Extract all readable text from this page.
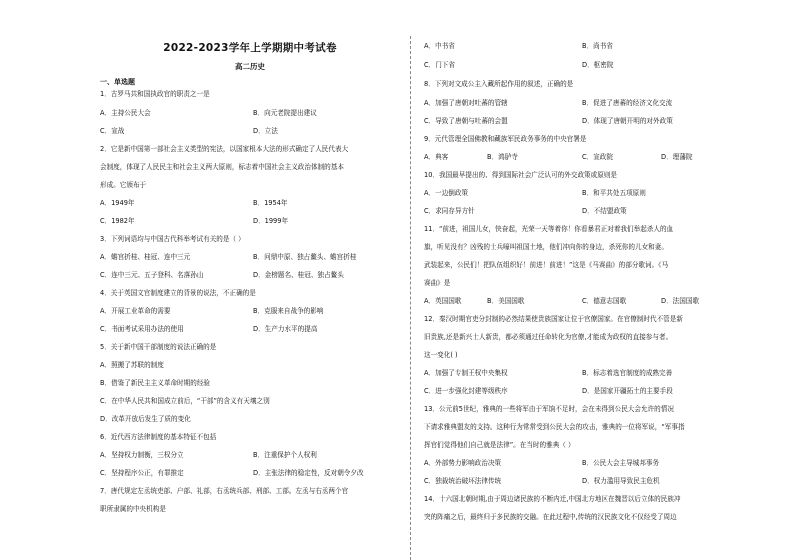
2022-2023学年上学期期中考试卷
高二历史
一、单选题
1．古罗马共和国执政官的职责之一是
A．主持公民大会	B．向元老院提出建议
C．宣战	D．立法
2．它是新中国第一部社会主义类型的宪法，以国家根本大法的形式确定了人民代表大
会制度，体现了人民民主和社会主义两大原则，标志着中国社会主义政治体制的基本
形成。它颁布于
A．1949年	B．1954年
C．1982年	D．1999年
3．下列词语均与中国古代科举考试有关的是（ ）
A．蟾宫折桂、桂冠、连中三元	B．问鼎中原、独占鳌头、蟾宫折桂
C．连中三元、五子登科、名落孙山	D．金榜题名、桂冠、独占鳌头
4．关于英国文官制度建立的背景的说法，不正确的是
A．开展工业革命的需要	B．克服来自战争的影响
C．书面考试采用办法的使用	D．生产力水平的提高
5．关于新中国干部制度的说法正确的是
A．照搬了苏联的制度
B．借鉴了新民主主义革命时期的经验
C．在中华人民共和国成立前后，“干部”的含义有天壤之别
D．改革开放后发生了质的变化
6．近代西方法律制度的基本特征不包括
A．坚持权力制衡，三权分立	B．注重保护个人权利
C．坚持程序公正，有罪推定	D．主张法律的稳定性，反对朝令夕改
7．唐代规定左丞统吏部、户部、礼部，右丞统兵部、刑部、工部。左丞与右丞两个官
职所隶属的中央机构是
A．中书省	B．尚书省
C．门下省	D．枢密院
8．下列对文成公主入藏所起作用的叙述，正确的是
A．加强了唐朝对吐蕃的管辖	B．促进了唐蕃的经济文化交流
C．导致了唐朝与吐蕃的会盟	D．体现了唐朝开明的对外政策
9．元代管理全国佛教和藏族军民政务事务的中央官署是
A．典客	B．鸿胪寺	C．宣政院	D．理藩院
10．我国最早提出的、得到国际社会广泛认可的外交政策或原则是
A．一边倒政策	B．和平共处五项原则
C．求同存异方针	D．不结盟政策
11．“前进，祖国儿女，快奋起，光荣一天等着你！你看暴君正对着我们举起杀人的血
旗，听见没有？凶残的士兵嚎叫祖国土地，他们冲向你的身边，杀死你的儿女和妻。
武装起来，公民们！把队伍组织好！前进！前进！”这是《马赛曲》的部分歌词。《马
赛曲》是
A．英国国歌	B．美国国歌	C．德意志国歌	D．法国国歌
12．秦汉时期官吏分封制的必然结果使贵族国家让位于官僚国家。在官僚制时代不管是新
旧贵族,还是新兴士人新贵，都必须通过任命转化为官僚,才能成为政权的直接参与者。
这一变化( )
A．加强了专制王权中央集权	B．标志着选官制度的成熟完善
C．进一步强化封建等级秩序	D．是国家开疆拓土的主要手段
13．公元前5世纪，雅典的一些将军由于军饷不足时，会在未得到公民大会允许的情况
下请求雅典盟友的支持。这种行为常常受到公民大会的攻击，雅典的一位将军说，“军事指
挥官们觉得他们自己就是法律”。在当时的雅典（ ）
A．外部势力影响政治决策	B．公民大会主导城邦事务
C．独裁统治破坏法律传统	D．权力滥用导致民主危机
14．十六国北朝时期,由于周边诸民族的不断内迁,中国北方地区在魏晋以后立体的民族冲
突的阵痛之后，最终归于多民族的交融。在此过程中,传统的汉民族文化不仅经受了周边
